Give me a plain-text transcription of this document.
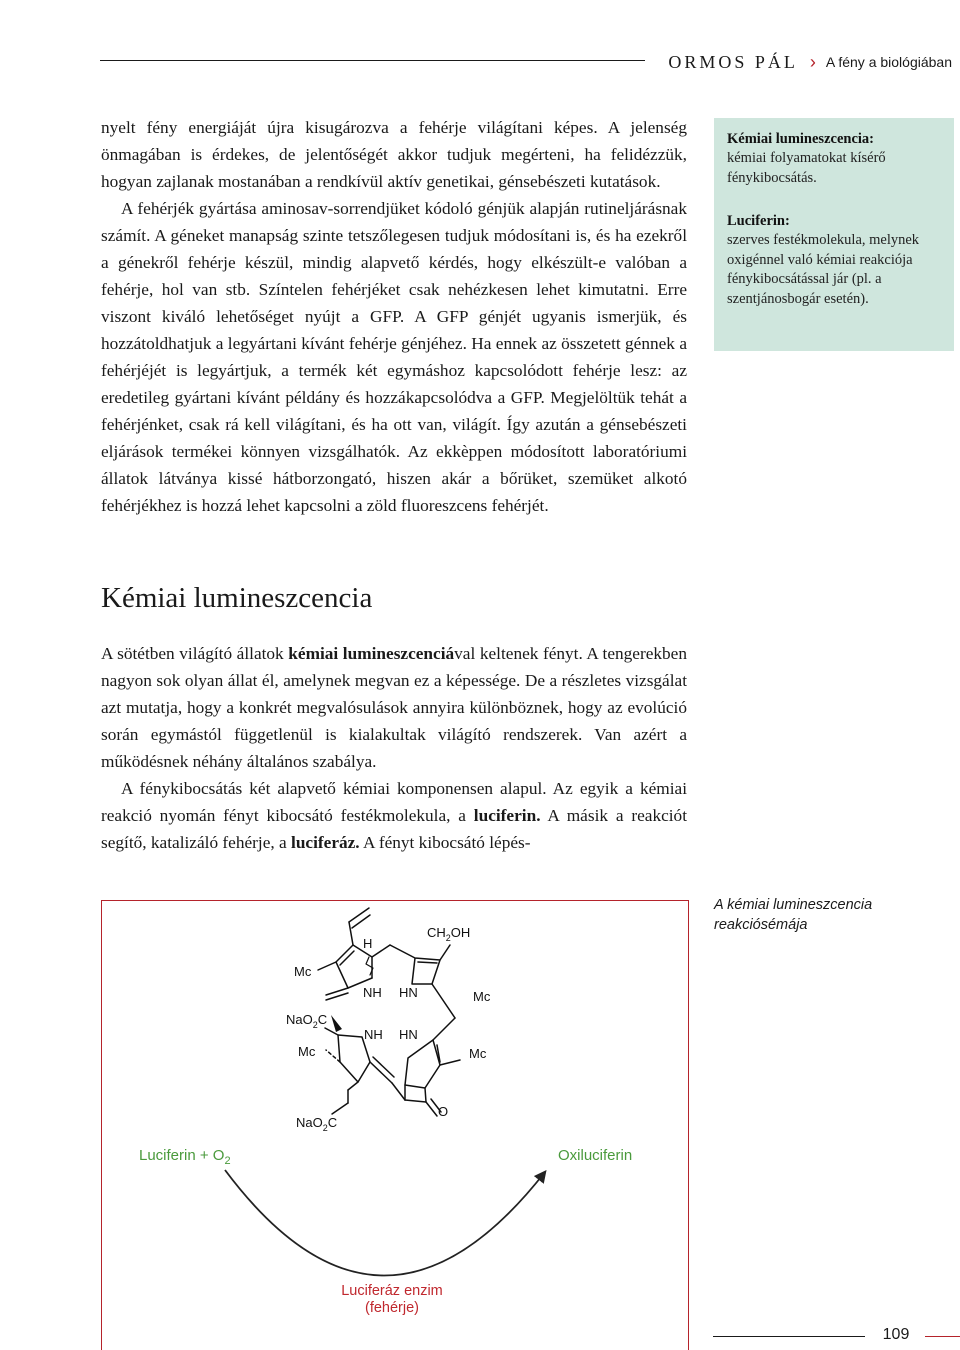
ORMOS PÁL › A fény a biológiában

nyelt fény energiáját újra kisugározva a fehérje világítani képes. A jelenség önmagában is érdekes, de jelentőségét akkor tudjuk megérteni, ha felidézzük, hogyan zajlanak mostanában a rendkívül aktív genetikai, génsebészeti kutatások.

A fehérjék gyártása aminosav-sorrendjüket kódoló génjük alapján rutineljárásnak számít. A géneket manapság szinte tetszőlegesen tudjuk módosítani is, és ha ezekről a génekről fehérje készül, mindig alapvető kérdés, hogy elkészült-e valóban a fehérje, hol van stb. Színtelen fehérjéket csak nehézkesen lehet kimutatni. Erre viszont kiváló lehetőséget nyújt a GFP. A GFP génjét ugyanis ismerjük, és hozzátoldhatjuk a legyártani kívánt fehérje génjéhez. Ha ennek az összetett génnek a fehérjéjét is legyártjuk, a termék két egymáshoz kapcsolódott fehérje lesz: az eredetileg gyártani kívánt példány és hozzákapcsolódva a GFP. Megjelöltük tehát a fehérjénket, csak rá kell világítani, és ha ott van, világít. Így azután a génsebészeti eljárások termékei könnyen vizsgálhatók. Az ekkèppen módosított laboratóriumi állatok látványa kissé hátborzongató, hiszen akár a bőrüket, szemüket alkotó fehérjékhez is hozzá lehet kapcsolni a zöld fluoreszcens fehérjét.

Kémiai lumineszcencia

A sötétben világító állatok kémiai lumineszcenciával keltenek fényt. A tengerekben nagyon sok olyan állat él, amelynek megvan ez a képessége. De a részletes vizsgálat azt mutatja, hogy a konkrét megvalósulások annyira különböznek, hogy az evolúció során egymástól függetlenül is kialakultak világító rendszerek. Van azért a működésnek néhány általános szabálya.

A fénykibocsátás két alapvető kémiai komponensen alapul. Az egyik a kémiai reakció nyomán fényt kibocsátó festékmolekula, a luciferin. A másik a reakciót segítő, katalizáló fehérje, a luciferáz. A fényt kibocsátó lépés-

Kémiai lumineszcencia:
kémiai folyamatokat kísérő fénykibocsátás.
Luciferin:
szerves festékmolekula, melynek oxigénnel való kémiai reakciója fénykibocsátással jár (pl. a szentjánosbogár esetén).
A kémiai lumineszcencia
reakciósémája
$CH_2OH$
H
Mc
NH HN	Mc
NaO$_2$C
NH HN
Mc	Mc
O
NaO$_2$C
Luciferin + $O_2$	Oxiluciferin
Luciferáz enzim
(fehérje)
109
